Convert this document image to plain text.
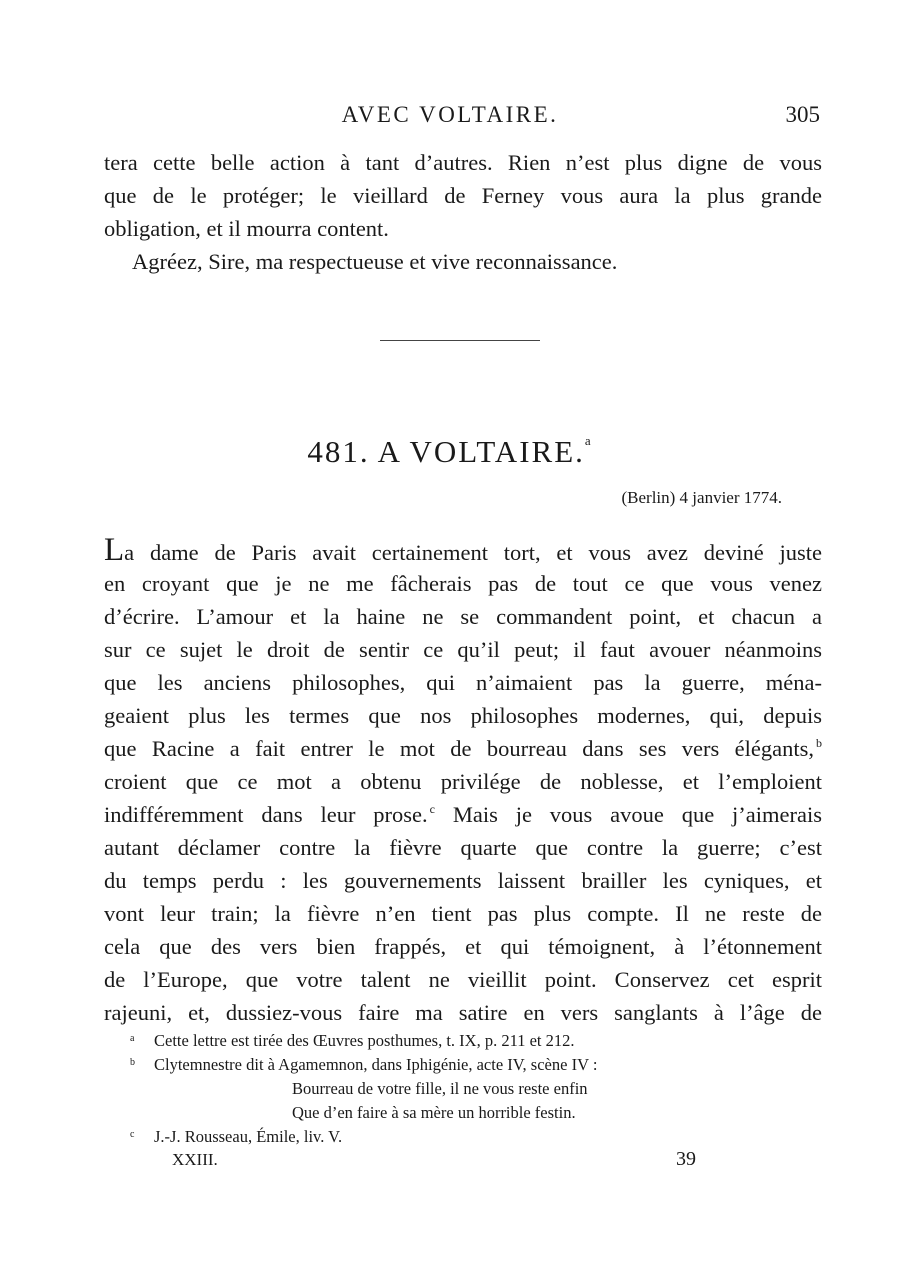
AVEC VOLTAIRE.	305
tera cette belle action à tant d’autres. Rien n’est plus digne de vous
que de le protéger; le vieillard de Ferney vous aura la plus grande
obligation, et il mourra content.
Agréez, Sire, ma respectueuse et vive reconnaissance.
481. A VOLTAIRE.$^a$
(Berlin) 4 janvier 1774.
La dame de Paris avait certainement tort, et vous avez deviné juste
en croyant que je ne me fâcherais pas de tout ce que vous venez
d’écrire. L’amour et la haine ne se commandent point, et chacun a
sur ce sujet le droit de sentir ce qu’il peut; il faut avouer néanmoins
que les anciens philosophes, qui n’aimaient pas la guerre, ména-
geaient plus les termes que nos philosophes modernes, qui, depuis
que Racine a fait entrer le mot de bourreau dans ses vers élégants, $^b$
croient que ce mot a obtenu privilége de noblesse, et l’emploient
indifféremment dans leur prose. $^c$ Mais je vous avoue que j’aimerais
autant déclamer contre la fièvre quarte que contre la guerre; c’est
du temps perdu : les gouvernements laissent brailler les cyniques, et
vont leur train; la fièvre n’en tient pas plus compte. Il ne reste de
cela que des vers bien frappés, et qui témoignent, à l’étonnement
de l’Europe, que votre talent ne vieillit point. Conservez cet esprit
rajeuni, et, dussiez-vous faire ma satire en vers sanglants à l’âge de
a Cette lettre est tirée des Œuvres posthumes, t. IX, p. 211 et 212.
b Clytemnestre dit à Agamemnon, dans Iphigénie, acte IV, scène IV :
Bourreau de votre fille, il ne vous reste enfin
Que d’en faire à sa mère un horrible festin.
c J.-J. Rousseau, Émile, liv. V.
XXIII.	39
